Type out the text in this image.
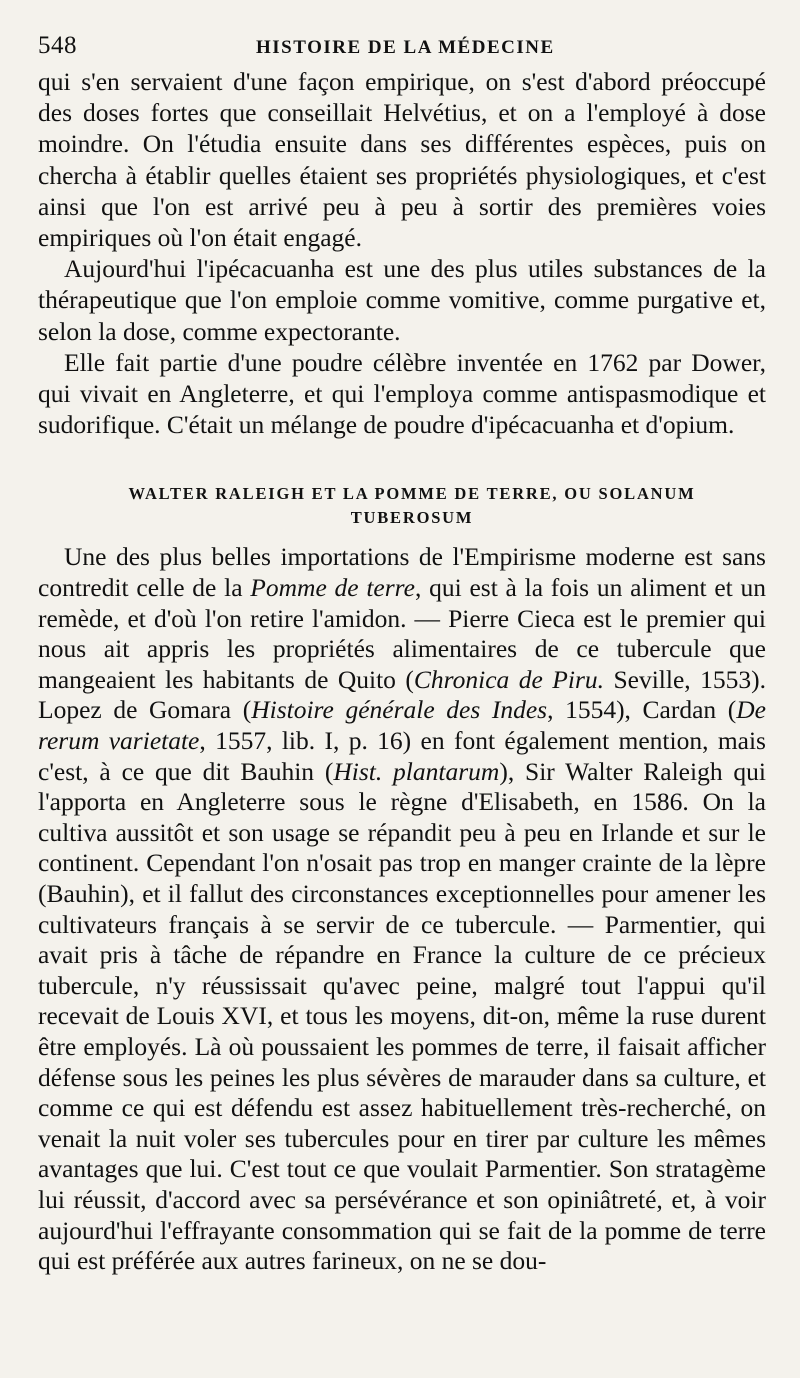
548	HISTOIRE DE LA MÉDECINE

qui s'en servaient d'une façon empirique, on s'est d'abord préoccupé des doses fortes que conseillait Helvétius, et on a l'employé à dose moindre. On l'étudia ensuite dans ses différentes espèces, puis on chercha à établir quelles étaient ses propriétés physiologiques, et c'est ainsi que l'on est arrivé peu à peu à sortir des premières voies empiriques où l'on était engagé.

Aujourd'hui l'ipécacuanha est une des plus utiles substances de la thérapeutique que l'on emploie comme vomitive, comme purgative et, selon la dose, comme expectorante.

Elle fait partie d'une poudre célèbre inventée en 1762 par Dower, qui vivait en Angleterre, et qui l'employa comme antispasmodique et sudorifique. C'était un mélange de poudre d'ipécacuanha et d'opium.

WALTER RALEIGH ET LA POMME DE TERRE, OU SOLANUM
TUBEROSUM

Une des plus belles importations de l'Empirisme moderne est sans contredit celle de la Pomme de terre, qui est à la fois un aliment et un remède, et d'où l'on retire l'amidon. — Pierre Cieca est le premier qui nous ait appris les propriétés alimentaires de ce tubercule que mangeaient les habitants de Quito (Chronica de Piru. Seville, 1553). Lopez de Gomara (Histoire générale des Indes, 1554), Cardan (De rerum varietate, 1557, lib. I, p. 16) en font également mention, mais c'est, à ce que dit Bauhin (Hist. plantarum), Sir Walter Raleigh qui l'apporta en Angleterre sous le règne d'Elisabeth, en 1586. On la cultiva aussitôt et son usage se répandit peu à peu en Irlande et sur le continent. Cependant l'on n'osait pas trop en manger crainte de la lèpre (Bauhin), et il fallut des circonstances exceptionnelles pour amener les cultivateurs français à se servir de ce tubercule. — Parmentier, qui avait pris à tâche de répandre en France la culture de ce précieux tubercule, n'y réussissait qu'avec peine, malgré tout l'appui qu'il recevait de Louis XVI, et tous les moyens, dit-on, même la ruse durent être employés. Là où poussaient les pommes de terre, il faisait afficher défense sous les peines les plus sévères de marauder dans sa culture, et comme ce qui est défendu est assez habituellement très-recherché, on venait la nuit voler ses tubercules pour en tirer par culture les mêmes avantages que lui. C'est tout ce que voulait Parmentier. Son stratagème lui réussit, d'accord avec sa persévérance et son opiniâtreté, et, à voir aujourd'hui l'effrayante consommation qui se fait de la pomme de terre qui est préférée aux autres farineux, on ne se dou-
